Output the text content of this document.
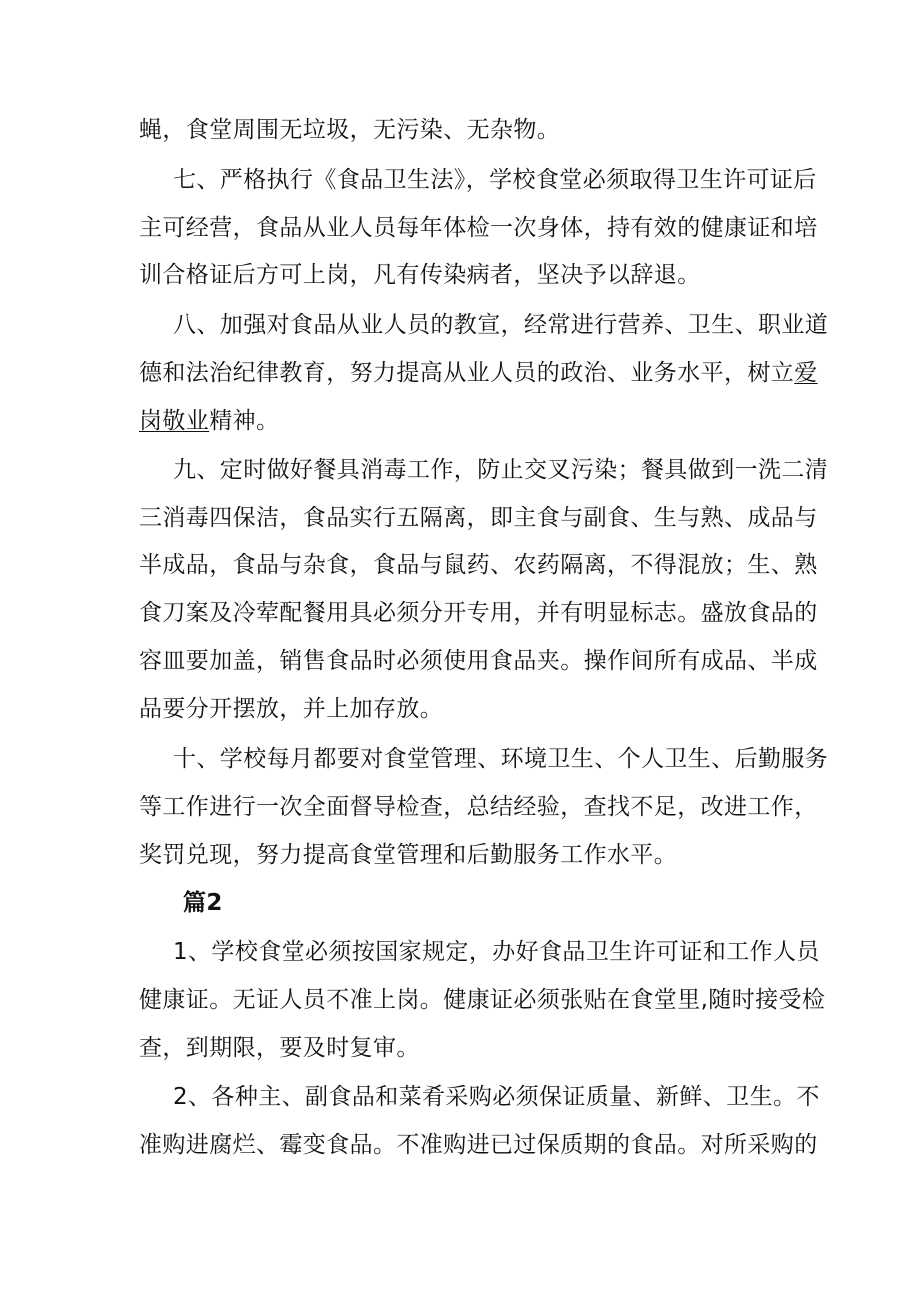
蝇，食堂周围无垃圾，无污染、无杂物。

七、严格执行《食品卫生法》，学校食堂必须取得卫生许可证后

主可经营，食品从业人员每年体检一次身体，持有效的健康证和培

训合格证后方可上岗，凡有传染病者，坚决予以辞退。

八、加强对食品从业人员的教宣，经常进行营养、卫生、职业道

德和法治纪律教育，努力提高从业人员的政治、业务水平，树立爱

岗敬业精神。

九、定时做好餐具消毒工作，防止交叉污染；餐具做到一洗二清

三消毒四保洁，食品实行五隔离，即主食与副食、生与熟、成品与

半成品，食品与杂食，食品与鼠药、农药隔离，不得混放；生、熟

食刀案及冷荤配餐用具必须分开专用，并有明显标志。盛放食品的

容皿要加盖，销售食品时必须使用食品夹。操作间所有成品、半成

品要分开摆放，并上加存放。

十、学校每月都要对食堂管理、环境卫生、个人卫生、后勤服务

等工作进行一次全面督导检查，总结经验，查找不足，改进工作，

奖罚兑现，努力提高食堂管理和后勤服务工作水平。

篇2

1、学校食堂必须按国家规定，办好食品卫生许可证和工作人员

健康证。无证人员不准上岗。健康证必须张贴在食堂里,随时接受检

查，到期限，要及时复审。

2、各种主、副食品和菜肴采购必须保证质量、新鲜、卫生。不

准购进腐烂、霉变食品。不准购进已过保质期的食品。对所采购的
